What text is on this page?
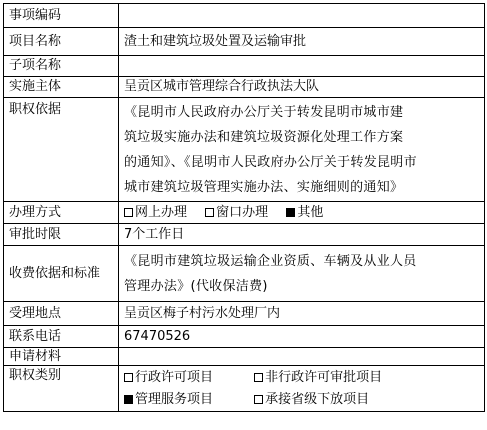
事项编码	
项目名称	渣土和建筑垃圾处置及运输审批
子项名称	
实施主体	呈贡区城市管理综合行政执法大队
职权依据	《昆明市人民政府办公厅关于转发昆明市城市建
筑垃圾实施办法和建筑垃圾资源化处理工作方案
的通知》、《昆明市人民政府办公厅关于转发昆明市
城市建筑垃圾管理实施办法、实施细则的通知》

办理方式	网上办理 窗口办理 其他
审批时限	7个工作日
收费依据和标准	《昆明市建筑垃圾运输企业资质、车辆及从业人员
管理办法》(代收保洁费)

受理地点	呈贡区梅子村污水处理厂内
联系电话	67470526
申请材料	
职权类别	行政许可项目 非行政许可审批项目
管理服务项目 承接省级下放项目
